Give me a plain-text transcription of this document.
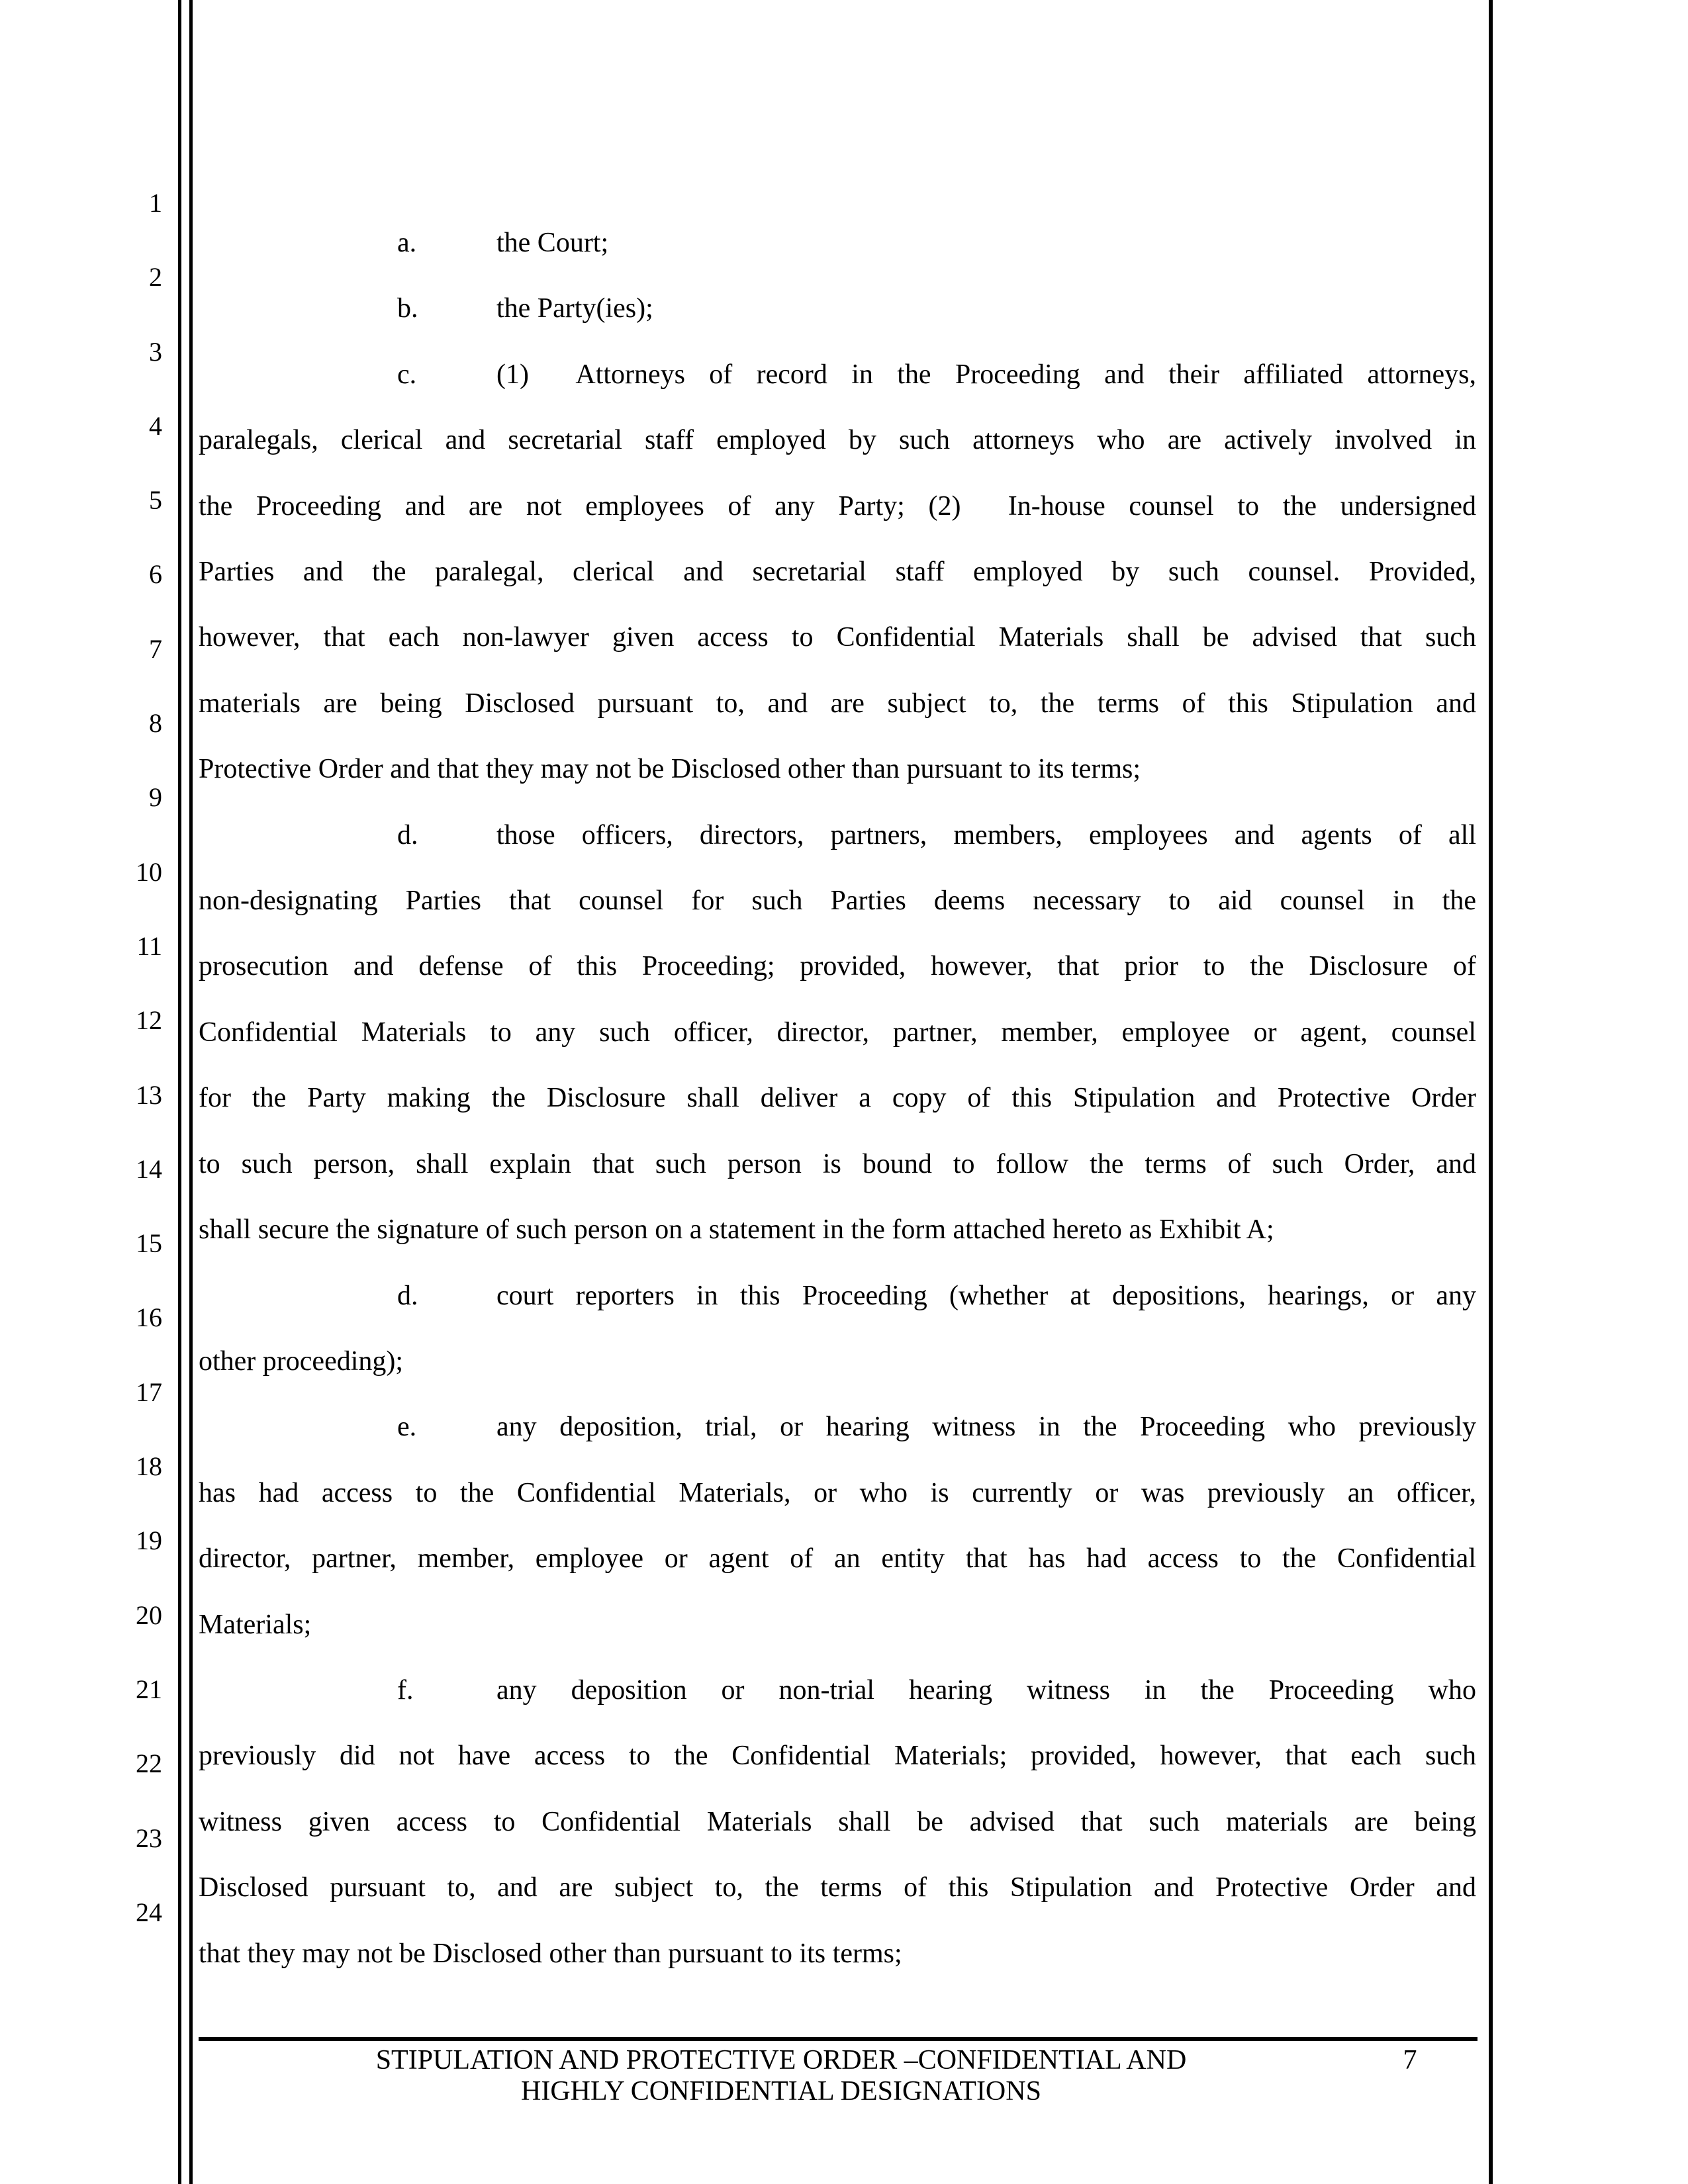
1
2
3
4
5
6
7
8
9
10
11
12
13
14
15
16
17
18
19
20
21
22
23
24
a.	the Court;
b.	the Party(ies);
c.	(1)  Attorneys of record in the Proceeding and their affiliated attorneys,
paralegals, clerical and secretarial staff employed by such attorneys who are actively involved in
the Proceeding and are not employees of any Party; (2)  In-house counsel to the undersigned
Parties and the paralegal, clerical and secretarial staff employed by such counsel. Provided,
however, that each non-lawyer given access to Confidential Materials shall be advised that such
materials are being Disclosed pursuant to, and are subject to, the terms of this Stipulation and
Protective Order and that they may not be Disclosed other than pursuant to its terms;
d.	those officers, directors, partners, members, employees and agents of all
non-designating Parties that counsel for such Parties deems necessary to aid counsel in the
prosecution and defense of this Proceeding; provided, however, that prior to the Disclosure of
Confidential Materials to any such officer, director, partner, member, employee or agent, counsel
for the Party making the Disclosure shall deliver a copy of this Stipulation and Protective Order
to such person, shall explain that such person is bound to follow the terms of such Order, and
shall secure the signature of such person on a statement in the form attached hereto as Exhibit A;
d.	court reporters in this Proceeding (whether at depositions, hearings, or any
other proceeding);
e.	any deposition, trial, or hearing witness in the Proceeding who previously
has had access to the Confidential Materials, or who is currently or was previously an officer,
director, partner, member, employee or agent of an entity that has had access to the Confidential
Materials;
f.	any deposition or non-trial hearing witness in the Proceeding who
previously did not have access to the Confidential Materials; provided, however, that each such
witness given access to Confidential Materials shall be advised that such materials are being
Disclosed pursuant to, and are subject to, the terms of this Stipulation and Protective Order and
that they may not be Disclosed other than pursuant to its terms;
STIPULATION AND PROTECTIVE ORDER –CONFIDENTIAL AND
HIGHLY CONFIDENTIAL DESIGNATIONS
7
